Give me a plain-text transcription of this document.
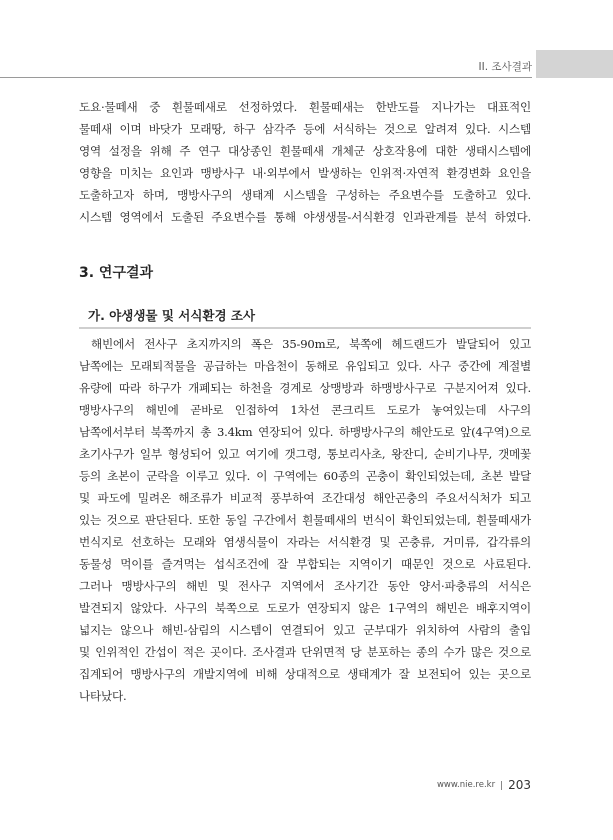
II. 조사결과
도요·물떼새 중 흰물떼새로 선정하였다. 흰물떼새는 한반도를 지나가는 대표적인
물떼새 이며 바닷가 모래땅, 하구 삼각주 등에 서식하는 것으로 알려져 있다. 시스템
영역 설정을 위해 주 연구 대상종인 흰물떼새 개체군 상호작용에 대한 생태시스템에
영향을 미치는 요인과 맹방사구 내·외부에서 발생하는 인위적·자연적 환경변화 요인을
도출하고자 하며, 맹방사구의 생태계 시스템을 구성하는 주요변수를 도출하고 있다.
시스템 영역에서 도출된 주요변수를 통해 야생생물-서식환경 인과관계를 분석 하였다.
3. 연구결과
가. 야생생물 및 서식환경 조사
해빈에서 전사구 초지까지의 폭은 35-90m로, 북쪽에 헤드랜드가 발달되어 있고
남쪽에는 모래퇴적물을 공급하는 마읍천이 동해로 유입되고 있다. 사구 중간에 계절별
유량에 따라 하구가 개폐되는 하천을 경계로 상맹방과 하맹방사구로 구분지어져 있다.
맹방사구의 해빈에 곧바로 인접하여 1차선 콘크리트 도로가 놓여있는데 사구의
남쪽에서부터 북쪽까지 총 3.4km 연장되어 있다. 하맹방사구의 해안도로 앞(4구역)으로
초기사구가 일부 형성되어 있고 여기에 갯그령, 통보리사초, 왕잔디, 순비기나무, 갯메꽃
등의 초본이 군락을 이루고 있다. 이 구역에는 60종의 곤충이 확인되었는데, 초본 발달
및 파도에 밀려온 해조류가 비교적 풍부하여 조간대성 해안곤충의 주요서식처가 되고
있는 것으로 판단된다. 또한 동일 구간에서 흰물떼새의 번식이 확인되었는데, 흰물떼새가
번식지로 선호하는 모래와 염생식물이 자라는 서식환경 및 곤충류, 거미류, 갑각류의
동물성 먹이를 즐겨먹는 섭식조건에 잘 부합되는 지역이기 때문인 것으로 사료된다.
그러나 맹방사구의 해빈 및 전사구 지역에서 조사기간 동안 양서·파충류의 서식은
발견되지 않았다. 사구의 북쪽으로 도로가 연장되지 않은 1구역의 해빈은 배후지역이
넓지는 않으나 해빈-삼림의 시스템이 연결되어 있고 군부대가 위치하여 사람의 출입
및 인위적인 간섭이 적은 곳이다. 조사결과 단위면적 당 분포하는 종의 수가 많은 것으로
집계되어 맹방사구의 개발지역에 비해 상대적으로 생태계가 잘 보전되어 있는 곳으로
나타났다.
www.nie.re.kr 203
